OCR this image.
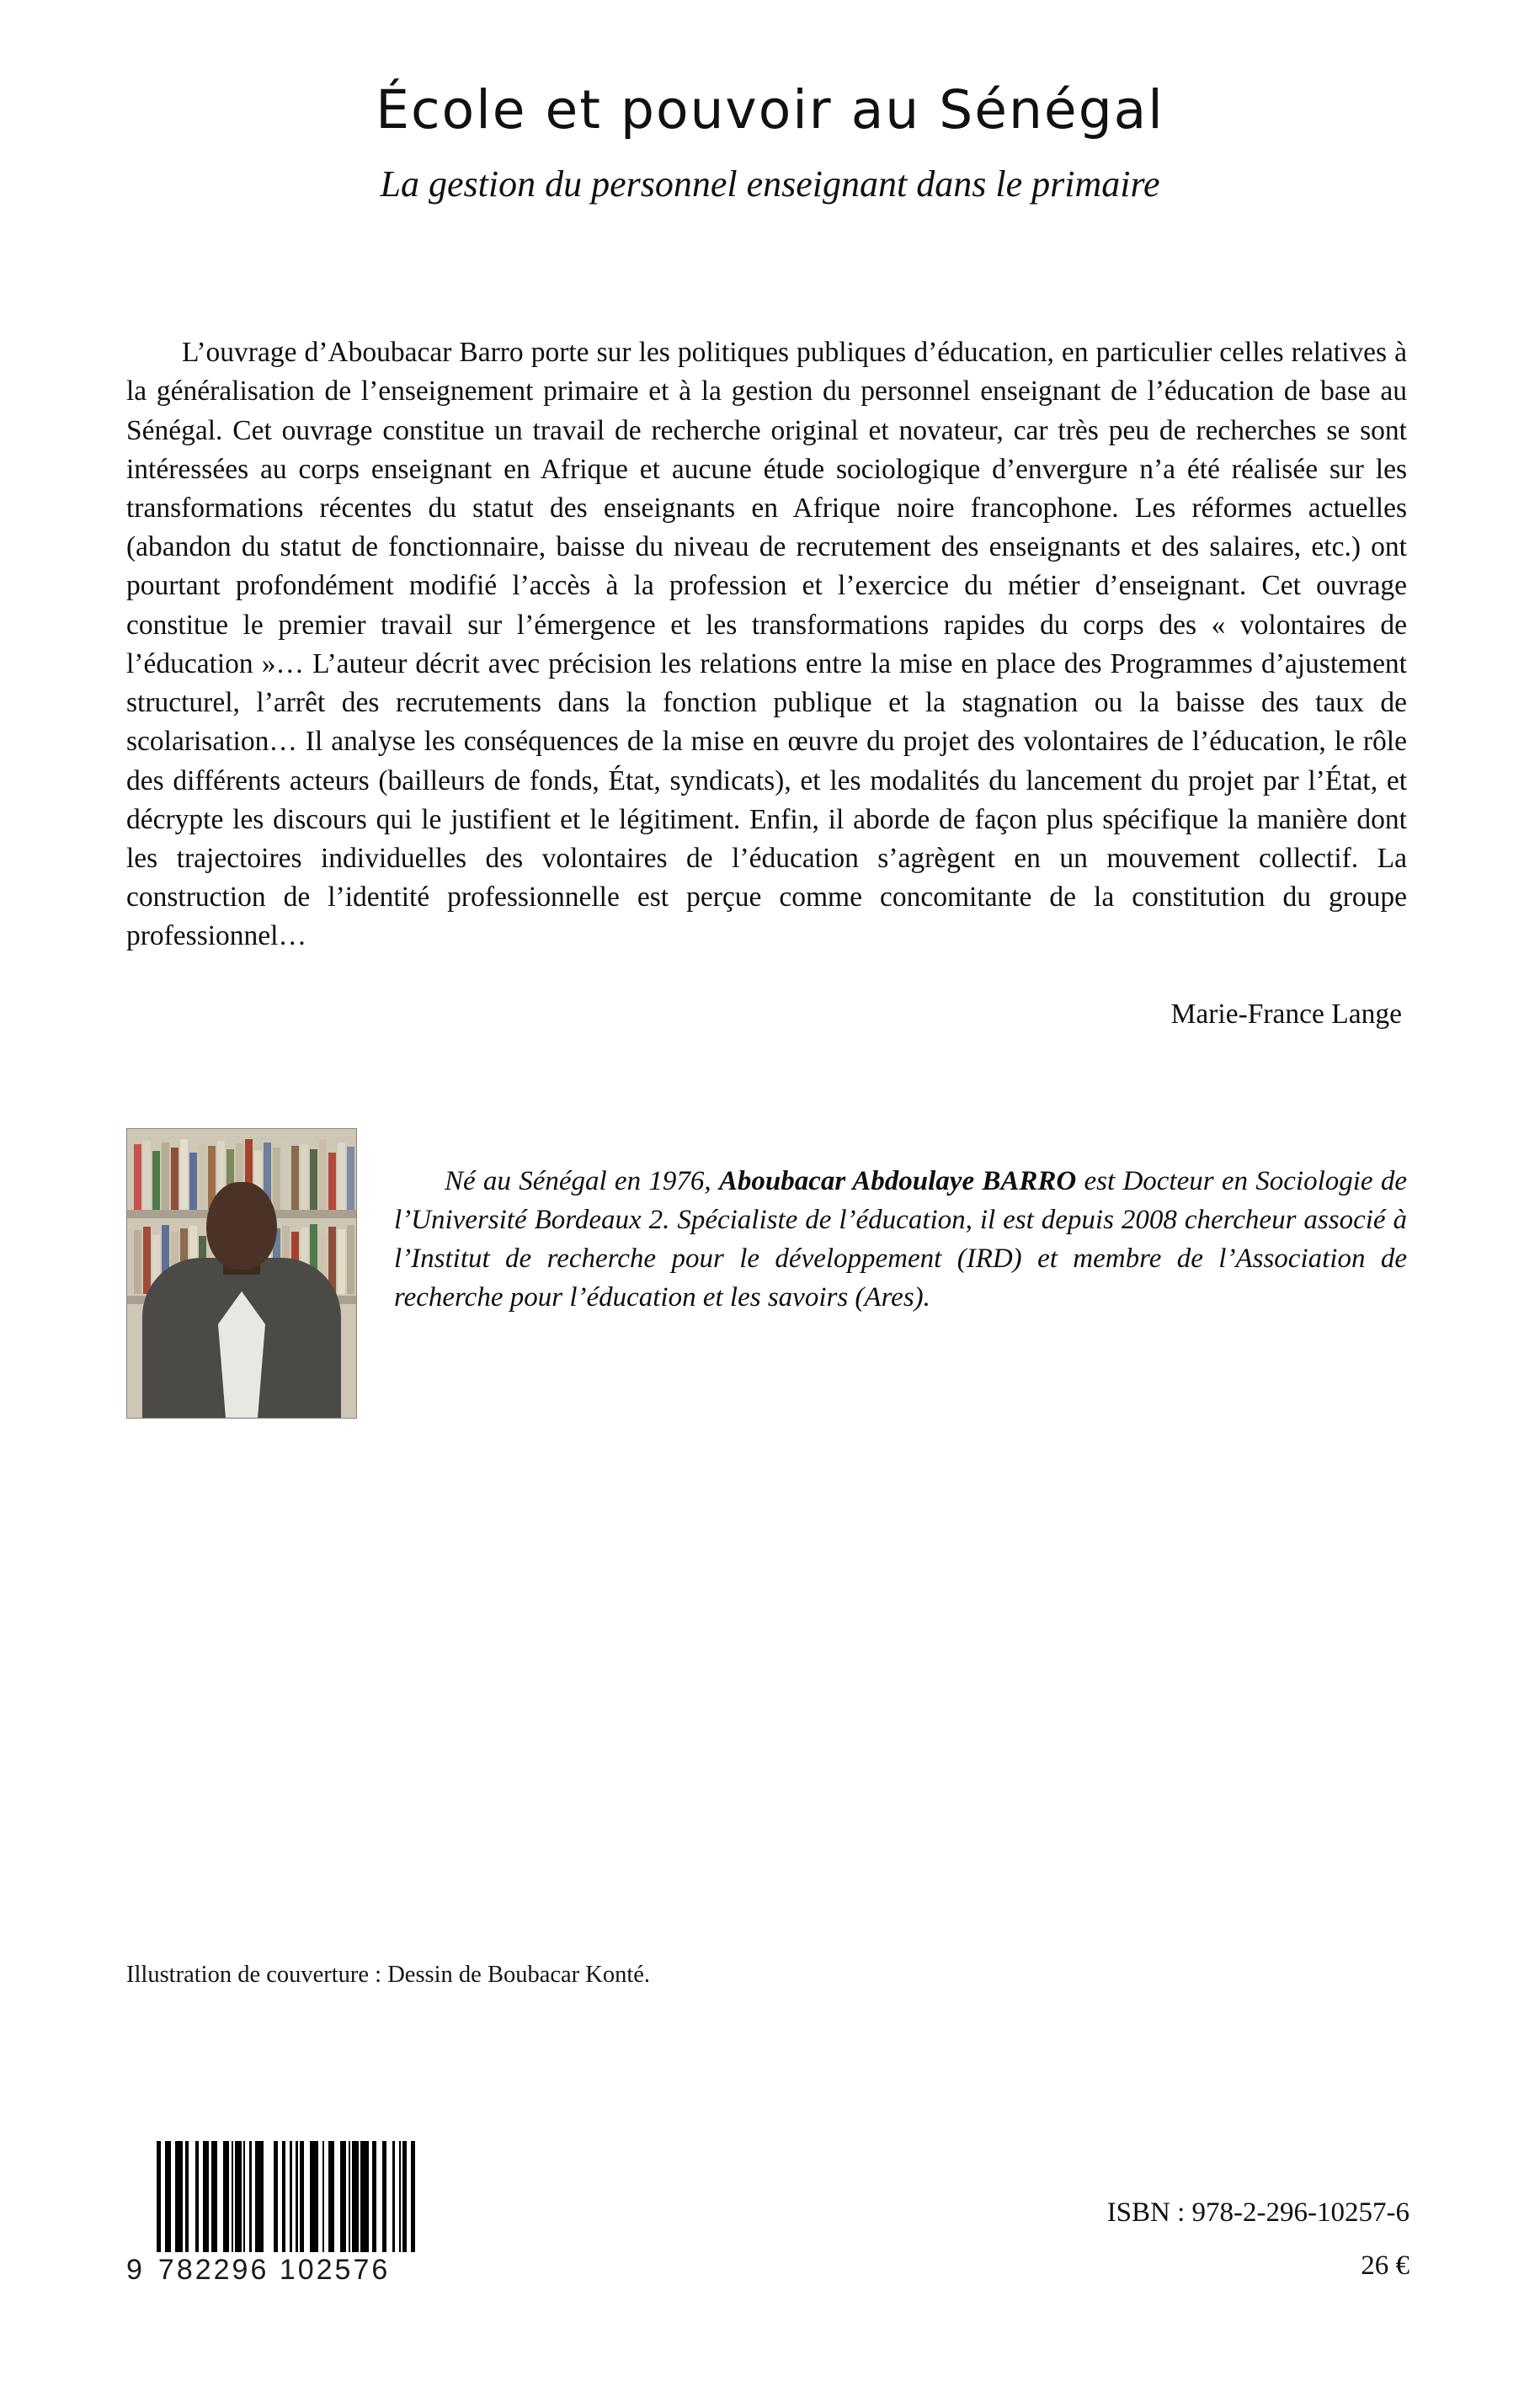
École et pouvoir au Sénégal
La gestion du personnel enseignant dans le primaire

L’ouvrage d’Aboubacar Barro porte sur les politiques publiques d’éducation, en particulier celles relatives à la généralisation de l’enseignement primaire et à la gestion du personnel enseignant de l’éducation de base au Sénégal. Cet ouvrage constitue un travail de recherche original et novateur, car très peu de recherches se sont intéressées au corps enseignant en Afrique et aucune étude sociologique d’envergure n’a été réalisée sur les transformations récentes du statut des enseignants en Afrique noire francophone. Les réformes actuelles (abandon du statut de fonctionnaire, baisse du niveau de recrutement des enseignants et des salaires, etc.) ont pourtant profondément modifié l’accès à la profession et l’exercice du métier d’enseignant. Cet ouvrage constitue le premier travail sur l’émergence et les transformations rapides du corps des « volontaires de l’éducation »… L’auteur décrit avec précision les relations entre la mise en place des Programmes d’ajustement structurel, l’arrêt des recrutements dans la fonction publique et la stagnation ou la baisse des taux de scolarisation… Il analyse les conséquences de la mise en œuvre du projet des volontaires de l’éducation, le rôle des différents acteurs (bailleurs de fonds, État, syndicats), et les modalités du lancement du projet par l’État, et décrypte les discours qui le justifient et le légitiment. Enfin, il aborde de façon plus spécifique la manière dont les trajectoires individuelles des volontaires de l’éducation s’agrègent en un mouvement collectif. La construction de l’identité professionnelle est perçue comme concomitante de la constitution du groupe professionnel…

Marie-France Lange

Né au Sénégal en 1976, Aboubacar Abdoulaye BARRO est Docteur en Sociologie de l’Université Bordeaux 2. Spécialiste de l’éducation, il est depuis 2008 chercheur associé à l’Institut de recherche pour le développement (IRD) et membre de l’Association de recherche pour l’éducation et les savoirs (Ares).

Illustration de couverture : Dessin de Boubacar Konté.
9 782296 102576
ISBN : 978-2-296-10257-6
26 €
